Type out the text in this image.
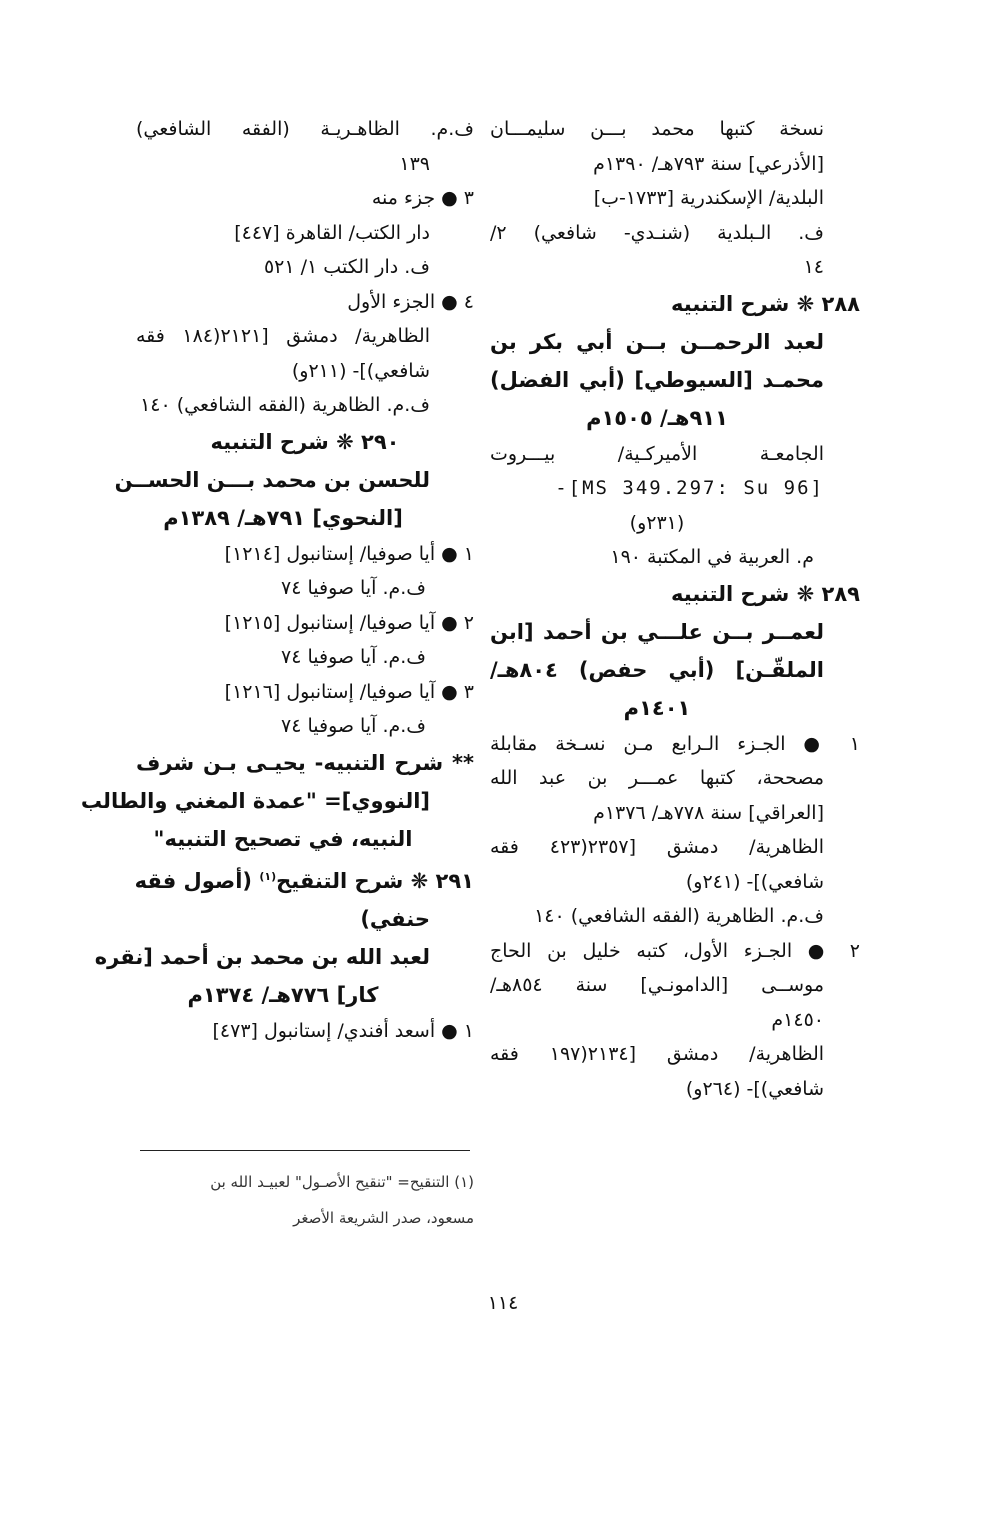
نسخة كتبها محمد بـــن سليمـــان
[الأذرعي] سنة ٧٩٣هـ/ ١٣٩٠م
البلدية/ الإسكندرية [١٧٣٣-ب]
ف. الـبلدية (شنـدي- شافعي) ٢/
١٤
٢٨٨ ❋ شرح التنبيه
لعبد الرحمــن بــن أبي بكر بن
محمـد [السيوطي] (أبي الفضل)
٩١١هـ/ ١٥٠٥م
الجامعـة الأميركـية/ بيـــروت
-[MS 349.297: Su 96]
(٢٣١و)
م. العربية في المكتبة ١٩٠
٢٨٩ ❋ شرح التنبيه
لعمــر بــن علـــي بن أحمد [ابن
الملقّـن] (أبي حفص) ٨٠٤هـ/
١٤٠١م
١ ● الجـزء الـرابع مـن نسـخة مقابلة
مصححة، كتبها عمـــر بن عبد الله
[العراقي] سنة ٧٧٨هـ/ ١٣٧٦م
الظاهرية/ دمشق [٢٣٥٧(٤٢٣ فقه
شافعي)]- (٢٤١و)
ف.م. الظاهرية (الفقه الشافعي) ١٤٠
٢ ● الجـزء الأول، كتبه خليل بن الحاج
موســى [الدامونـي] سنة ٨٥٤هـ/
١٤٥٠م
الظاهرية/ دمشق [٢١٣٤(١٩٧ فقه
شافعي)]- (٢٦٤و)
ف.م. الظاهـريـة (الفقه الشافعي)
١٣٩
٣ ● جزء منه
دار الكتب/ القاهرة [٤٤٧]
ف. دار الكتب ١/ ٥٢١
٤ ● الجزء الأول
الظاهرية/ دمشق [٢١٢١(١٨٤ فقه
شافعي)]- (٢١١و)
ف.م. الظاهرية (الفقه الشافعي) ١٤٠
٢٩٠ ❋ شرح التنبيه
للحسن بن محمد بـــن الحســن
[النحوي] ٧٩١هـ/ ١٣٨٩م
١ ● أيا صوفيا/ إستانبول [١٢١٤]
ف.م. آيا صوفيا ٧٤
٢ ● آيا صوفيا/ إستانبول [١٢١٥]
ف.م. آيا صوفيا ٧٤
٣ ● آيا صوفيا/ إستانبول [١٢١٦]
ف.م. آيا صوفيا ٧٤
** شرح التنبيه- يحيـى بـن شرف
[النووي]= "عمدة المغني والطالب
النبيه، في تصحيح التنبيه"
٢٩١ ❋ شرح التنقيح$^{(١)}$ (أصول فقه
حنفي)
لعبد الله بن محمد بن أحمد [نقره
كار] ٧٧٦هـ/ ١٣٧٤م
١ ● أسعد أفندي/ إستانبول [٤٧٣]
(١) التنقيح= "تنقيح الأصـول" لعبيـد الله بن
مسعود، صدر الشريعة الأصغر
١١٤
